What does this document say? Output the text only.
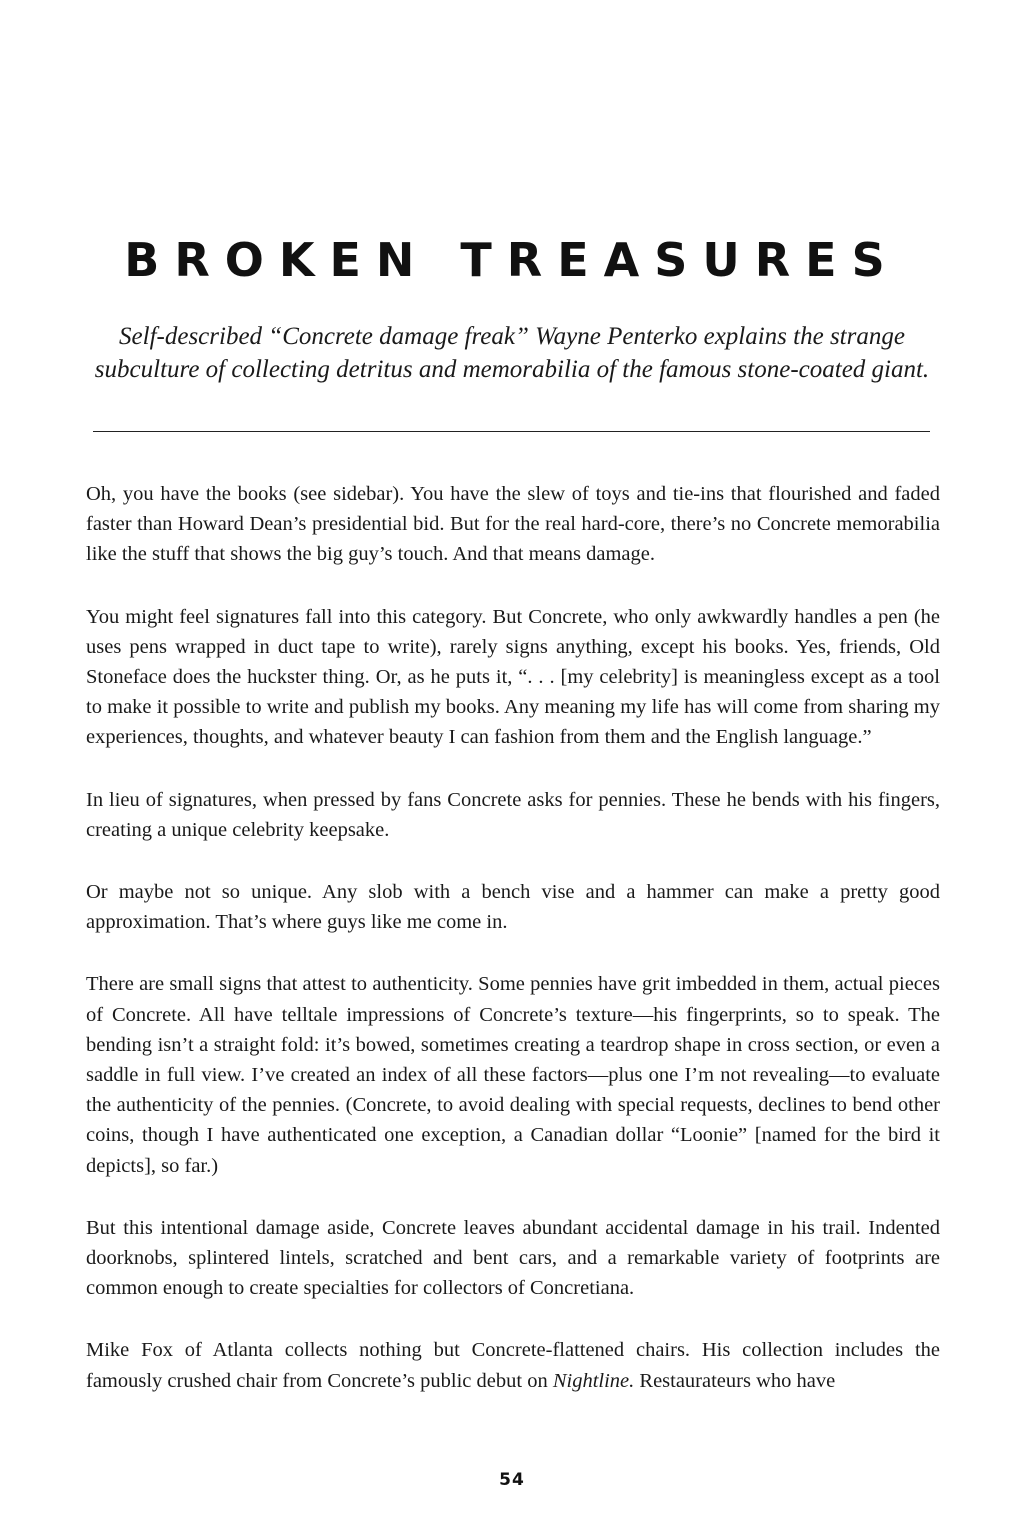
BROKEN TREASURES

Self-described “Concrete damage freak” Wayne Penterko explains the strange subculture of collecting detritus and memorabilia of the famous stone-coated giant.

Oh, you have the books (see sidebar). You have the slew of toys and tie-ins that flourished and faded faster than Howard Dean’s presidential bid. But for the real hard-core, there’s no Concrete memorabilia like the stuff that shows the big guy’s touch. And that means damage.

You might feel signatures fall into this category. But Concrete, who only awkwardly handles a pen (he uses pens wrapped in duct tape to write), rarely signs anything, except his books. Yes, friends, Old Stoneface does the huckster thing. Or, as he puts it, “. . . [my celebrity] is meaningless except as a tool to make it possible to write and publish my books. Any meaning my life has will come from sharing my experiences, thoughts, and whatever beauty I can fashion from them and the English language.”

In lieu of signatures, when pressed by fans Concrete asks for pennies. These he bends with his fingers, creating a unique celebrity keepsake.

Or maybe not so unique. Any slob with a bench vise and a hammer can make a pretty good approximation. That’s where guys like me come in.

There are small signs that attest to authenticity. Some pennies have grit imbedded in them, actual pieces of Concrete. All have telltale impressions of Concrete’s texture—his fingerprints, so to speak. The bending isn’t a straight fold: it’s bowed, sometimes creating a teardrop shape in cross section, or even a saddle in full view. I’ve created an index of all these factors—plus one I’m not revealing—to evaluate the authenticity of the pennies. (Concrete, to avoid dealing with special requests, declines to bend other coins, though I have authenticated one exception, a Canadian dollar “Loonie” [named for the bird it depicts], so far.)

But this intentional damage aside, Concrete leaves abundant accidental damage in his trail. Indented doorknobs, splintered lintels, scratched and bent cars, and a remarkable variety of footprints are common enough to create specialties for collectors of Concretiana.

Mike Fox of Atlanta collects nothing but Concrete-flattened chairs. His collection includes the famously crushed chair from Concrete’s public debut on Nightline. Restaurateurs who have

54
